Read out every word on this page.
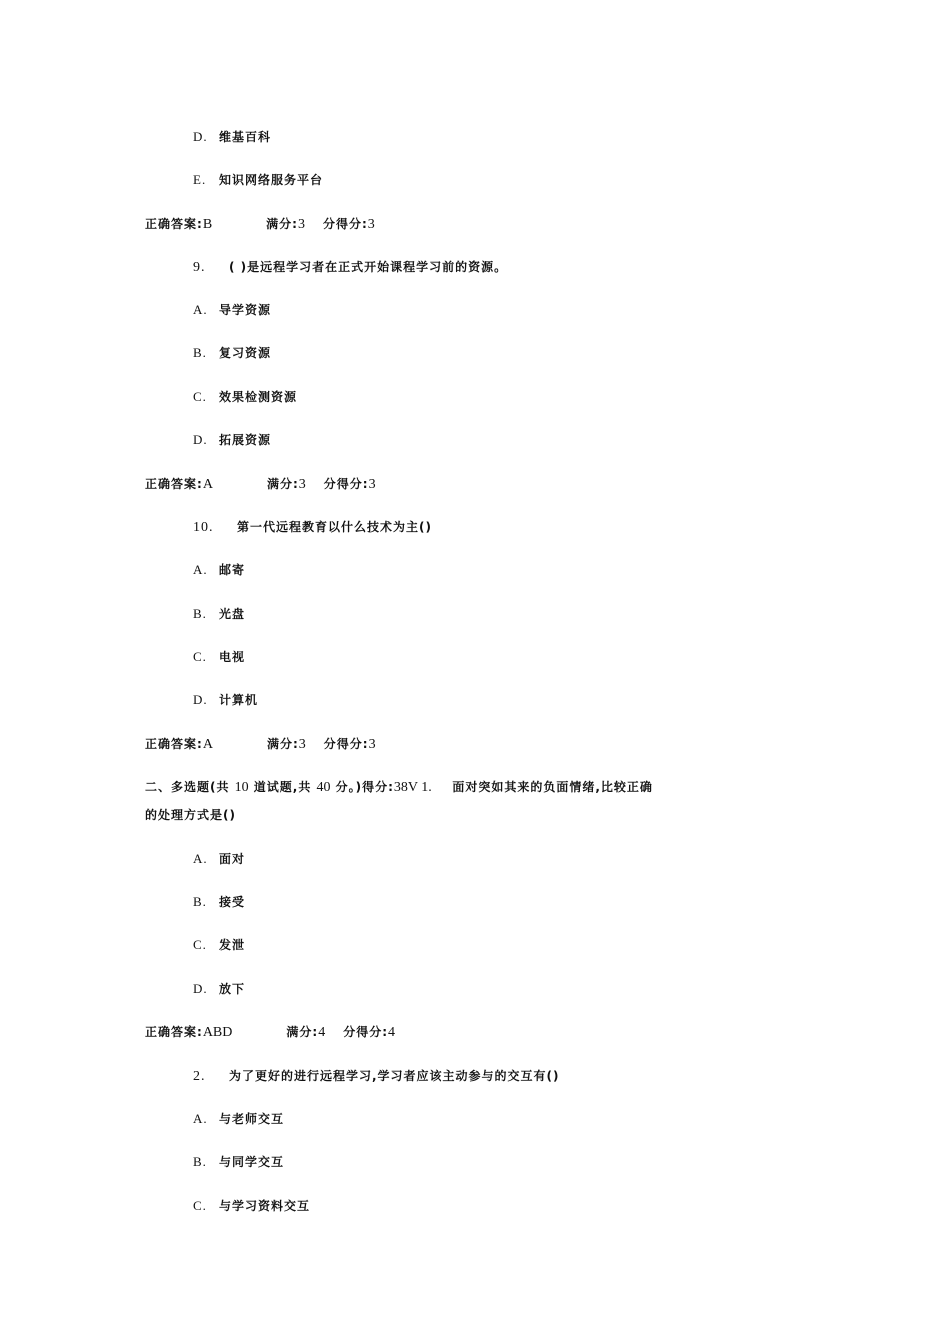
D. 维基百科
E. 知识网络服务平台
正确答案:B	满分:3 分得分:3
9. ( )是远程学习者在正式开始课程学习前的资源。
A. 导学资源
B. 复习资源
C. 效果检测资源
D. 拓展资源
正确答案:A	满分:3 分得分:3
10. 第一代远程教育以什么技术为主()
A. 邮寄
B. 光盘
C. 电视
D. 计算机
正确答案:A	满分:3 分得分:3
二、多选题(共 10 道试题,共 40 分。)得分:38V 1. 面对突如其来的负面情绪,比较正确
的处理方式是()
A. 面对
B. 接受
C. 发泄
D. 放下
正确答案:ABD	满分:4 分得分:4
2. 为了更好的进行远程学习,学习者应该主动参与的交互有()
A. 与老师交互
B. 与同学交互
C. 与学习资料交互
